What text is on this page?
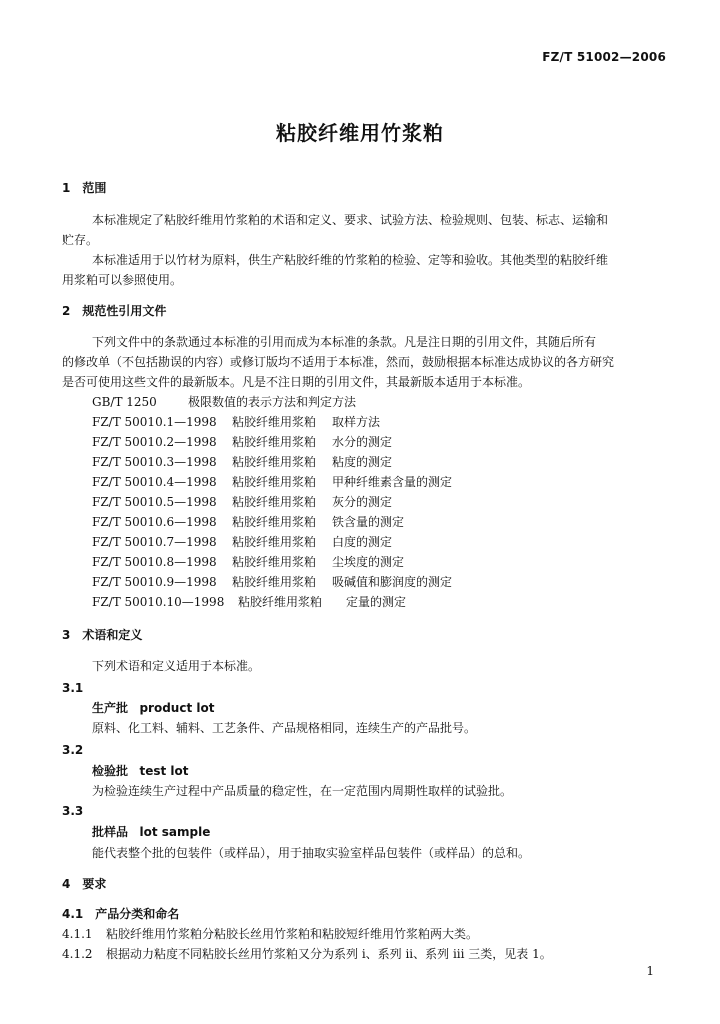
FZ/T 51002—2006
粘胶纤维用竹浆粕
1　范围
本标准规定了粘胶纤维用竹浆粕的术语和定义、要求、试验方法、检验规则、包装、标志、运输和
贮存。
本标准适用于以竹材为原料，供生产粘胶纤维的竹浆粕的检验、定等和验收。其他类型的粘胶纤维
用浆粕可以参照使用。
2　规范性引用文件
下列文件中的条款通过本标准的引用而成为本标准的条款。凡是注日期的引用文件，其随后所有
的修改单（不包括勘误的内容）或修订版均不适用于本标准，然而，鼓励根据本标准达成协议的各方研究
是否可使用这些文件的最新版本。凡是不注日期的引用文件，其最新版本适用于本标准。
GB/T 1250	极限数值的表示方法和判定方法
FZ/T 50010.1—1998 粘胶纤维用浆粕 取样方法
FZ/T 50010.2—1998 粘胶纤维用浆粕 水分的测定
FZ/T 50010.3—1998 粘胶纤维用浆粕 粘度的测定
FZ/T 50010.4—1998 粘胶纤维用浆粕 甲种纤维素含量的测定
FZ/T 50010.5—1998 粘胶纤维用浆粕 灰分的测定
FZ/T 50010.6—1998 粘胶纤维用浆粕 铁含量的测定
FZ/T 50010.7—1998 粘胶纤维用浆粕 白度的测定
FZ/T 50010.8—1998 粘胶纤维用浆粕 尘埃度的测定
FZ/T 50010.9—1998 粘胶纤维用浆粕 吸碱值和膨润度的测定
FZ/T 50010.10—1998 粘胶纤维用浆粕 定量的测定
3　术语和定义
下列术语和定义适用于本标准。
3.1
生产批 product lot
原料、化工料、辅料、工艺条件、产品规格相同，连续生产的产品批号。
3.2
检验批 test lot
为检验连续生产过程中产品质量的稳定性，在一定范围内周期性取样的试验批。
3.3
批样品 lot sample
能代表整个批的包装件（或样品），用于抽取实验室样品包装件（或样品）的总和。
4　要求
4.1　产品分类和命名
4.1.1 粘胶纤维用竹浆粕分粘胶长丝用竹浆粕和粘胶短纤维用竹浆粕两大类。
4.1.2 根据动力粘度不同粘胶长丝用竹浆粕又分为系列 i、系列 ii、系列 iii 三类，见表 1。
1
